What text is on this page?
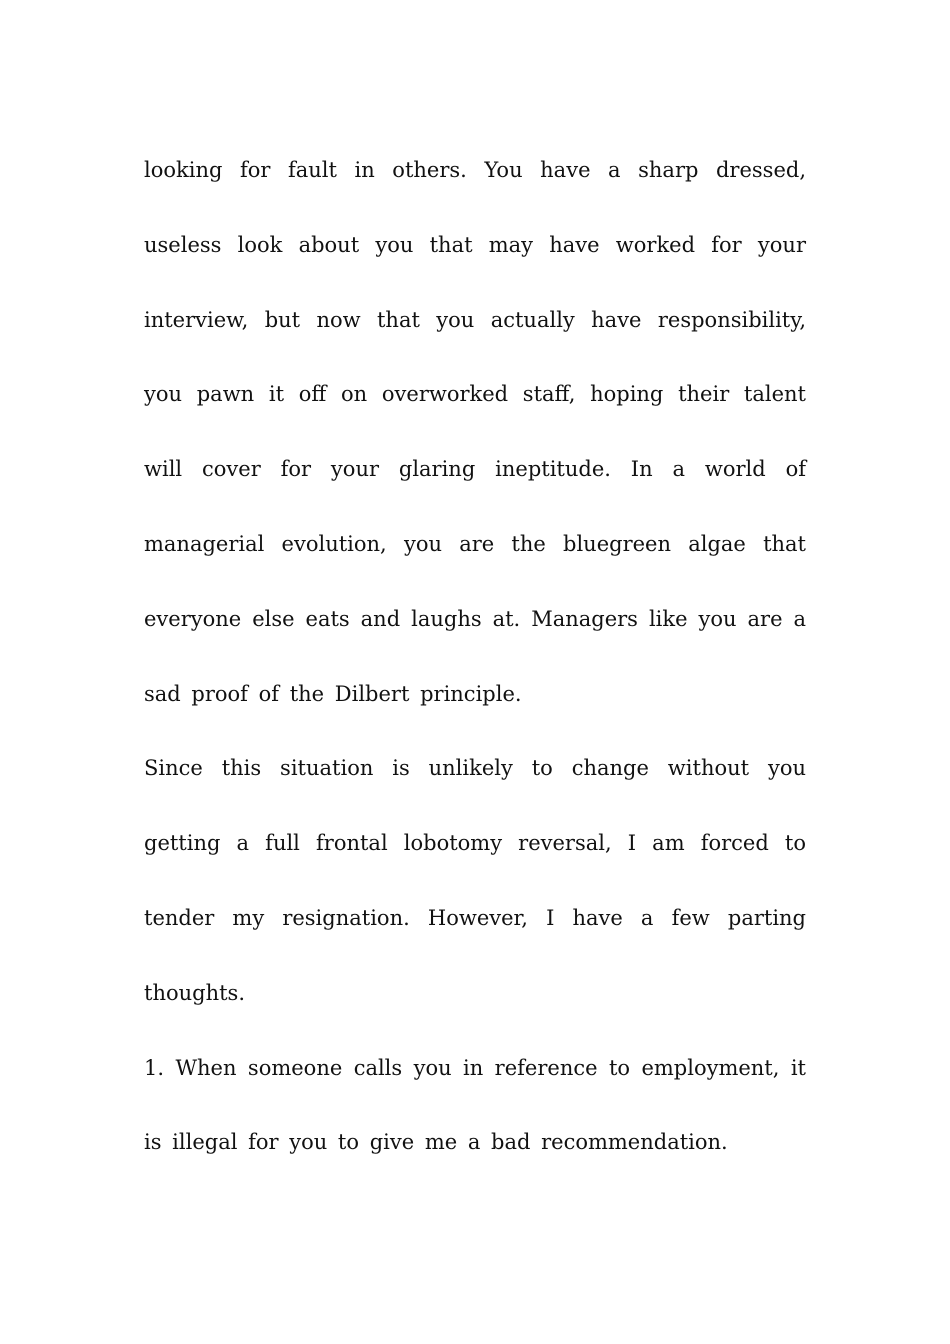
looking for fault in others. You have a sharp dressed, useless look about you that may have worked for your interview, but now that you actually have responsibility, you pawn it off on overworked staff, hoping their talent will cover for your glaring ineptitude. In a world of managerial evolution, you are the bluegreen algae that everyone else eats and laughs at. Managers like you are a sad proof of the Dilbert principle.

Since this situation is unlikely to change without you getting a full frontal lobotomy reversal, I am forced to tender my resignation. However, I have a few parting thoughts.

1. When someone calls you in reference to employment, it is illegal for you to give me a bad recommendation.
